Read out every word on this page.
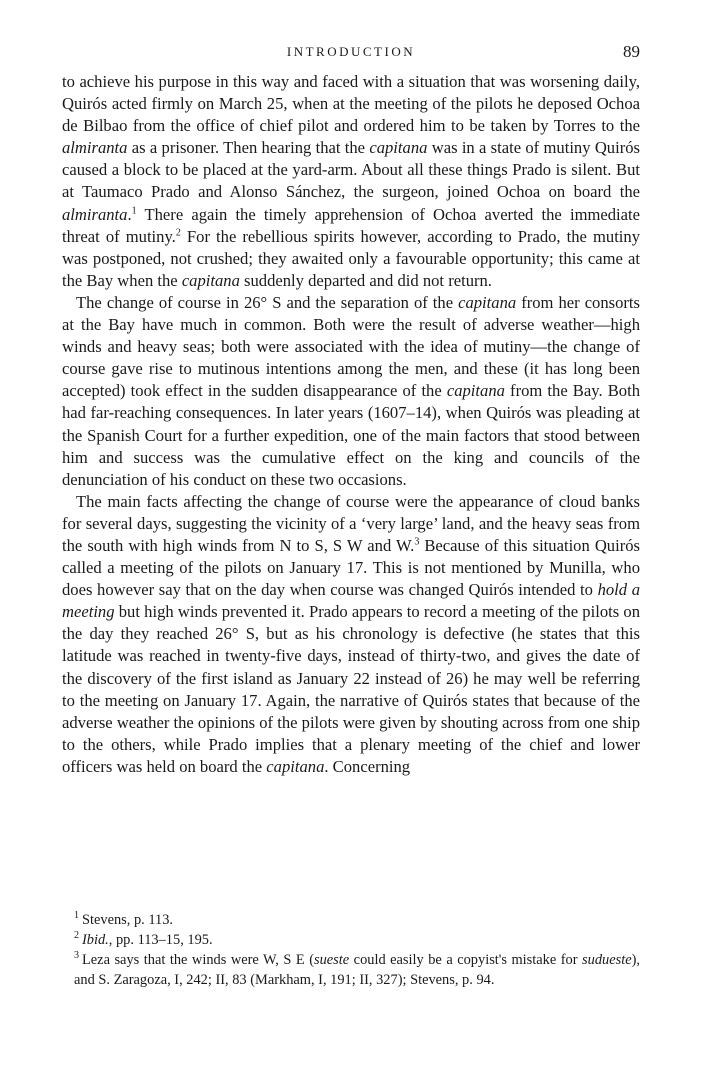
INTRODUCTION	89

to achieve his purpose in this way and faced with a situation that was worsening daily, Quirós acted firmly on March 25, when at the meeting of the pilots he deposed Ochoa de Bilbao from the office of chief pilot and ordered him to be taken by Torres to the almiranta as a prisoner. Then hearing that the capitana was in a state of mutiny Quirós caused a block to be placed at the yard-arm. About all these things Prado is silent. But at Taumaco Prado and Alonso Sánchez, the surgeon, joined Ochoa on board the almiranta.$^1$ There again the timely apprehension of Ochoa averted the immediate threat of mutiny.$^2$ For the rebellious spirits however, according to Prado, the mutiny was postponed, not crushed; they awaited only a favourable opportunity; this came at the Bay when the capitana suddenly departed and did not return.

The change of course in 26° S and the separation of the capitana from her consorts at the Bay have much in common. Both were the result of adverse weather—high winds and heavy seas; both were associated with the idea of mutiny—the change of course gave rise to mutinous intentions among the men, and these (it has long been accepted) took effect in the sudden disappearance of the capitana from the Bay. Both had far-reaching consequences. In later years (1607–14), when Quirós was pleading at the Spanish Court for a further expedition, one of the main factors that stood between him and success was the cumulative effect on the king and councils of the denunciation of his conduct on these two occasions.

The main facts affecting the change of course were the appearance of cloud banks for several days, suggesting the vicinity of a ‘very large’ land, and the heavy seas from the south with high winds from N to S, S W and W.$^3$ Because of this situation Quirós called a meeting of the pilots on January 17. This is not mentioned by Munilla, who does however say that on the day when course was changed Quirós intended to hold a meeting but high winds prevented it. Prado appears to record a meeting of the pilots on the day they reached 26° S, but as his chronology is defective (he states that this latitude was reached in twenty-five days, instead of thirty-two, and gives the date of the discovery of the first island as January 22 instead of 26) he may well be referring to the meeting on January 17. Again, the narrative of Quirós states that because of the adverse weather the opinions of the pilots were given by shouting across from one ship to the others, while Prado implies that a plenary meeting of the chief and lower officers was held on board the capitana. Concerning

$^1$ Stevens, p. 113.

$^2$ Ibid., pp. 113–15, 195.

$^3$ Leza says that the winds were W, S E (sueste could easily be a copyist's mistake for sudueste), and S. Zaragoza, I, 242; II, 83 (Markham, I, 191; II, 327); Stevens, p. 94.
